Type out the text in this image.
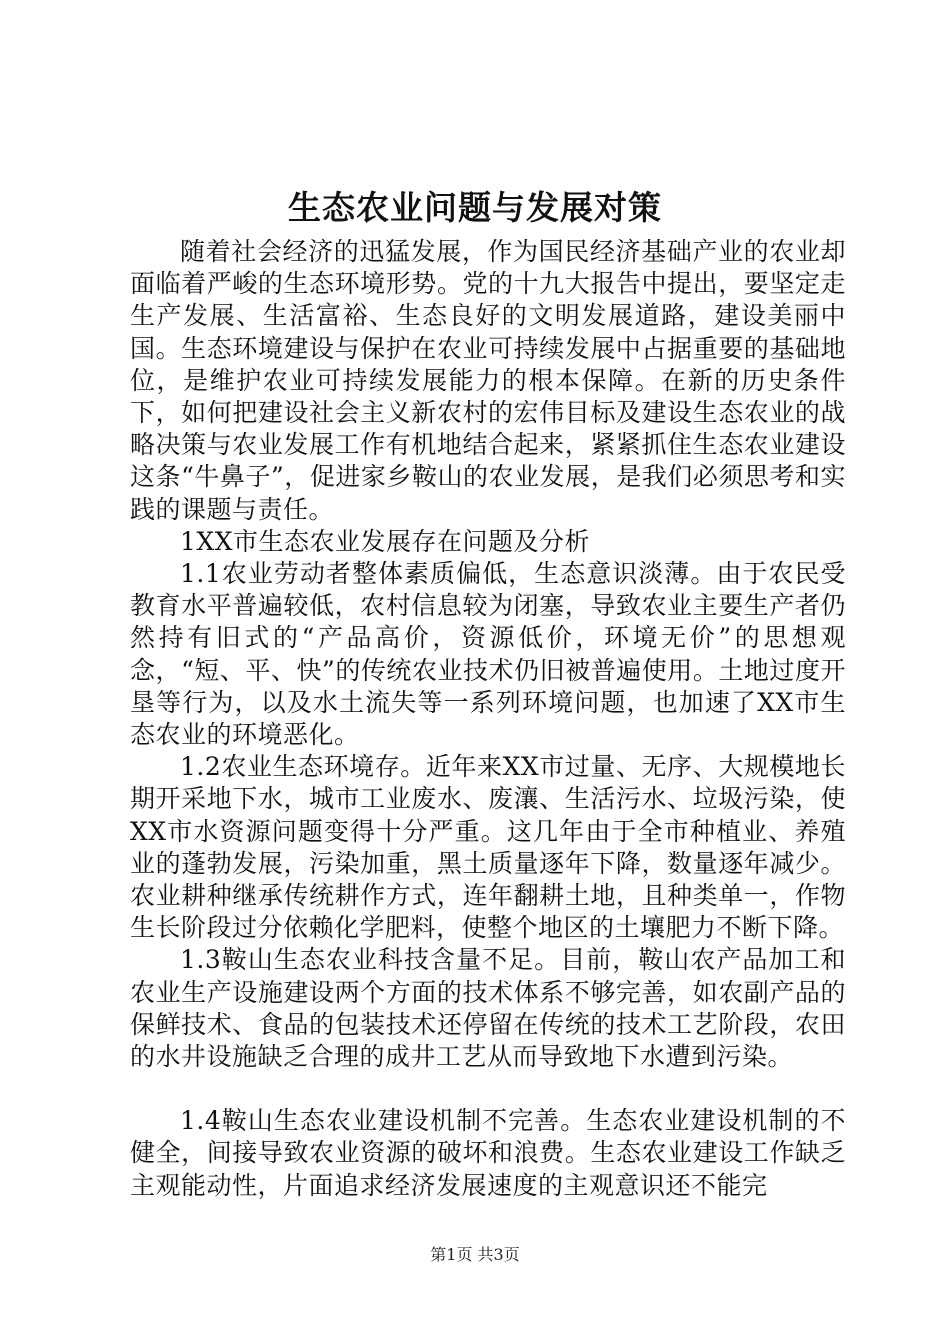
生态农业问题与发展对策

随着社会经济的迅猛发展，作为国民经济基础产业的农业却面临着严峻的生态环境形势。党的十九大报告中提出，要坚定走生产发展、生活富裕、生态良好的文明发展道路，建设美丽中国。生态环境建设与保护在农业可持续发展中占据重要的基础地位，是维护农业可持续发展能力的根本保障。在新的历史条件下，如何把建设社会主义新农村的宏伟目标及建设生态农业的战略决策与农业发展工作有机地结合起来，紧紧抓住生态农业建设这条“牛鼻子”，促进家乡鞍山的农业发展，是我们必须思考和实践的课题与责任。

1XX市生态农业发展存在问题及分析

1.1农业劳动者整体素质偏低，生态意识淡薄。由于农民受教育水平普遍较低，农村信息较为闭塞，导致农业主要生产者仍然持有旧式的“产品高价，资源低价，环境无价”的思想观念，“短、平、快”的传统农业技术仍旧被普遍使用。土地过度开垦等行为，以及水土流失等一系列环境问题，也加速了XX市生态农业的环境恶化。

1.2农业生态环境存。近年来XX市过量、无序、大规模地长期开采地下水，城市工业废水、废瀼、生活污水、垃圾污染，使XX市水资源问题变得十分严重。这几年由于全市种植业、养殖业的蓬勃发展，污染加重，黑土质量逐年下降，数量逐年减少。农业耕种继承传统耕作方式，连年翻耕土地，且种类单一，作物生长阶段过分依赖化学肥料，使整个地区的土壤肥力不断下降。

1.3鞍山生态农业科技含量不足。目前，鞍山农产品加工和农业生产设施建设两个方面的技术体系不够完善，如农副产品的保鲜技术、食品的包装技术还停留在传统的技术工艺阶段，农田的水井设施缺乏合理的成井工艺从而导致地下水遭到污染。

1.4鞍山生态农业建设机制不完善。生态农业建设机制的不健全，间接导致农业资源的破坏和浪费。生态农业建设工作缺乏主观能动性，片面追求经济发展速度的主观意识还不能完

第1页 共3页
